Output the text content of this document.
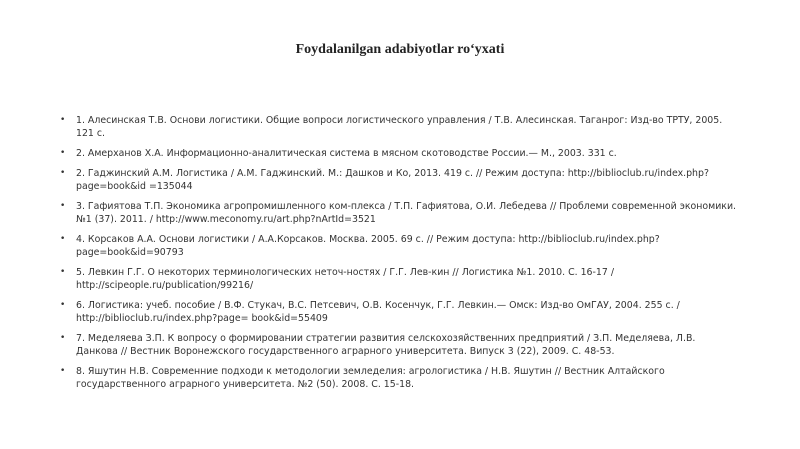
Foydalanilgan adabiyotlar ro‘yxati
• 1. Алесинская Т.В. Основи логистики. Общие вопроси логистического управления / Т.В. Алесинская. Таганрог: Изд-во ТРТУ, 2005.
121 с.
• 2. Амерханов Х.А. Информационно-аналитическая система в мясном скотоводстве России.— М., 2003. 331 с.
• 2. Гаджинский А.М. Логистика / А.М. Гаджинский. М.: Дашков и Ко, 2013. 419 с. // Режим доступа: http://biblioclub.ru/index.php?
page=book&id =135044
• 3. Гафиятова Т.П. Экономика агропромишленного ком-плекса / Т.П. Гафиятова, О.И. Лебедева // Проблеми современной экономики.
№1 (37). 2011. / http://www.meconomy.ru/art.php?nArtId=3521
• 4. Корсаков А.А. Основи логистики / А.А.Корсаков. Москва. 2005. 69 с. // Режим доступа: http://biblioclub.ru/index.php?
page=book&id=90793
• 5. Левкин Г.Г. О некоторих терминологических неточ-ностях / Г.Г. Лев-кин // Логистика №1. 2010. С. 16-17 /
http://scipeople.ru/publication/99216/
• 6. Логистика: учеб. пособие / В.Ф. Стукач, В.С. Петсевич, О.В. Косенчук, Г.Г. Левкин.— Омск: Изд-во ОмГАУ, 2004. 255 с. /
http://biblioclub.ru/index.php?page= book&id=55409
• 7. Меделяева З.П. К вопросу о формировании стратегии развития селскохозяйственних предприятий / З.П. Меделяева, Л.В.
Данкова // Вестник Воронежского государственного аграрного университета. Випуск 3 (22), 2009. С. 48-53.
• 8. Яшутин Н.В. Современние подходи к методологии земледелия: агрологистика / Н.В. Яшутин // Вестник Алтайского
государственного аграрного университета. №2 (50). 2008. С. 15-18.
